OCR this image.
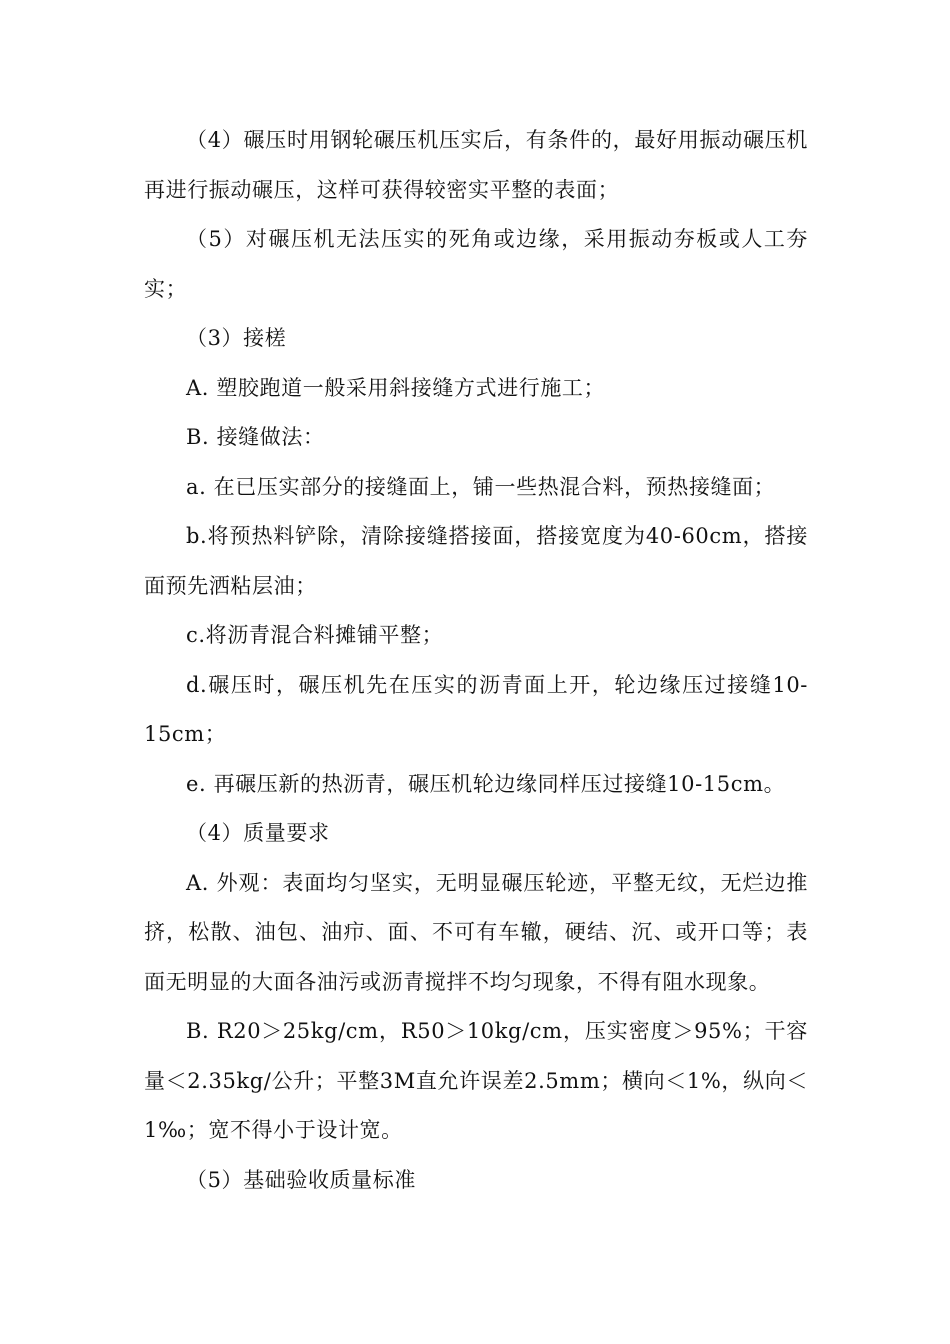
（4）碾压时用钢轮碾压机压实后，有条件的，最好用振动碾压机再进行振动碾压，这样可获得较密实平整的表面；

（5）对碾压机无法压实的死角或边缘，采用振动夯板或人工夯实；

（3）接槎

A. 塑胶跑道一般采用斜接缝方式进行施工；

B. 接缝做法：

a. 在已压实部分的接缝面上，铺一些热混合料，预热接缝面；

b.将预热料铲除，清除接缝搭接面，搭接宽度为40-60cm，搭接面预先洒粘层油；

c.将沥青混合料摊铺平整；

d.碾压时，碾压机先在压实的沥青面上开，轮边缘压过接缝10-15cm；

e. 再碾压新的热沥青，碾压机轮边缘同样压过接缝10-15cm。

（4）质量要求

A. 外观：表面均匀坚实，无明显碾压轮迹，平整无纹，无烂边推挤，松散、油包、油疖、面、不可有车辙，硬结、沉、或开口等；表面无明显的大面各油污或沥青搅拌不均匀现象，不得有阻水现象。

B. R20＞25kg/cm，R50＞10kg/cm，压实密度＞95%；干容量＜2.35kg/公升；平整3M直允许误差2.5mm；横向＜1%，纵向＜1‰；宽不得小于设计宽。

（5）基础验收质量标准
